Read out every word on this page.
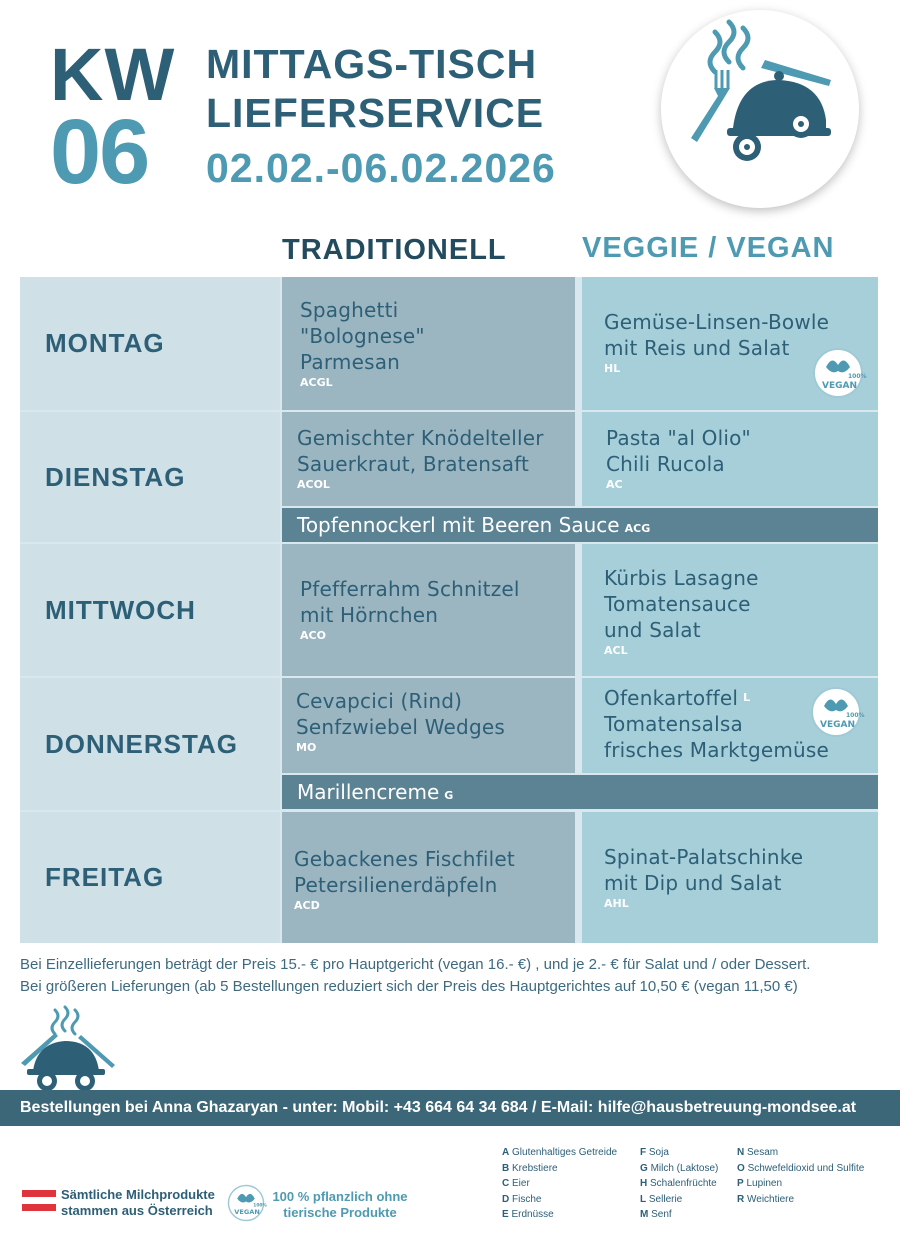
KW
06
MITTAGS-TISCH
LIEFERSERVICE
02.02.-06.02.2026
TRADITIONELL	VEGGIE / VEGAN
MONTAG
Spaghetti
"Bolognese"
Parmesan
ACGL
Gemüse-Linsen-Bowle
mit Reis und Salat
HL
100%
VEGAN
DIENSTAG
Gemischter Knödelteller
Sauerkraut, Bratensaft
ACOL
Pasta "al Olio"
Chili Rucola
AC
Topfennockerl mit Beeren Sauce ACG
MITTWOCH
Pfefferrahm Schnitzel
mit Hörnchen
ACO
Kürbis Lasagne
Tomatensauce
und Salat
ACL
DONNERSTAG
Cevapcici (Rind)
Senfzwiebel Wedges
MO
Ofenkartoffel $^L$
Tomatensalsa
frisches Marktgemüse
100%
VEGAN
Marillencreme G
FREITAG
Gebackenes Fischfilet
Petersilienerdäpfeln
ACD
Spinat-Palatschinke
mit Dip und Salat
AHL
Bei Einzellieferungen beträgt der Preis 15.- € pro Hauptgericht (vegan 16.- €) , und je 2.- € für Salat und / oder Dessert.
Bei größeren Lieferungen (ab 5 Bestellungen reduziert sich der Preis des Hauptgerichtes auf 10,50 € (vegan 11,50 €)
Bestellungen bei Anna Ghazaryan - unter: Mobil: +43 664 64 34 684 / E-Mail: hilfe@hausbetreuung-mondsee.at
Sämtliche Milchprodukte
stammen aus Österreich	100%
VEGAN
100 % pflanzlich ohne
tierische Produkte
A Glutenhaltiges Getreide
B Krebstiere
C Eier
D Fische
E Erdnüsse
F Soja
G Milch (Laktose)
H Schalenfrüchte
L Sellerie
M Senf
N Sesam
O Schwefeldioxid und Sulfite
P Lupinen
R Weichtiere
